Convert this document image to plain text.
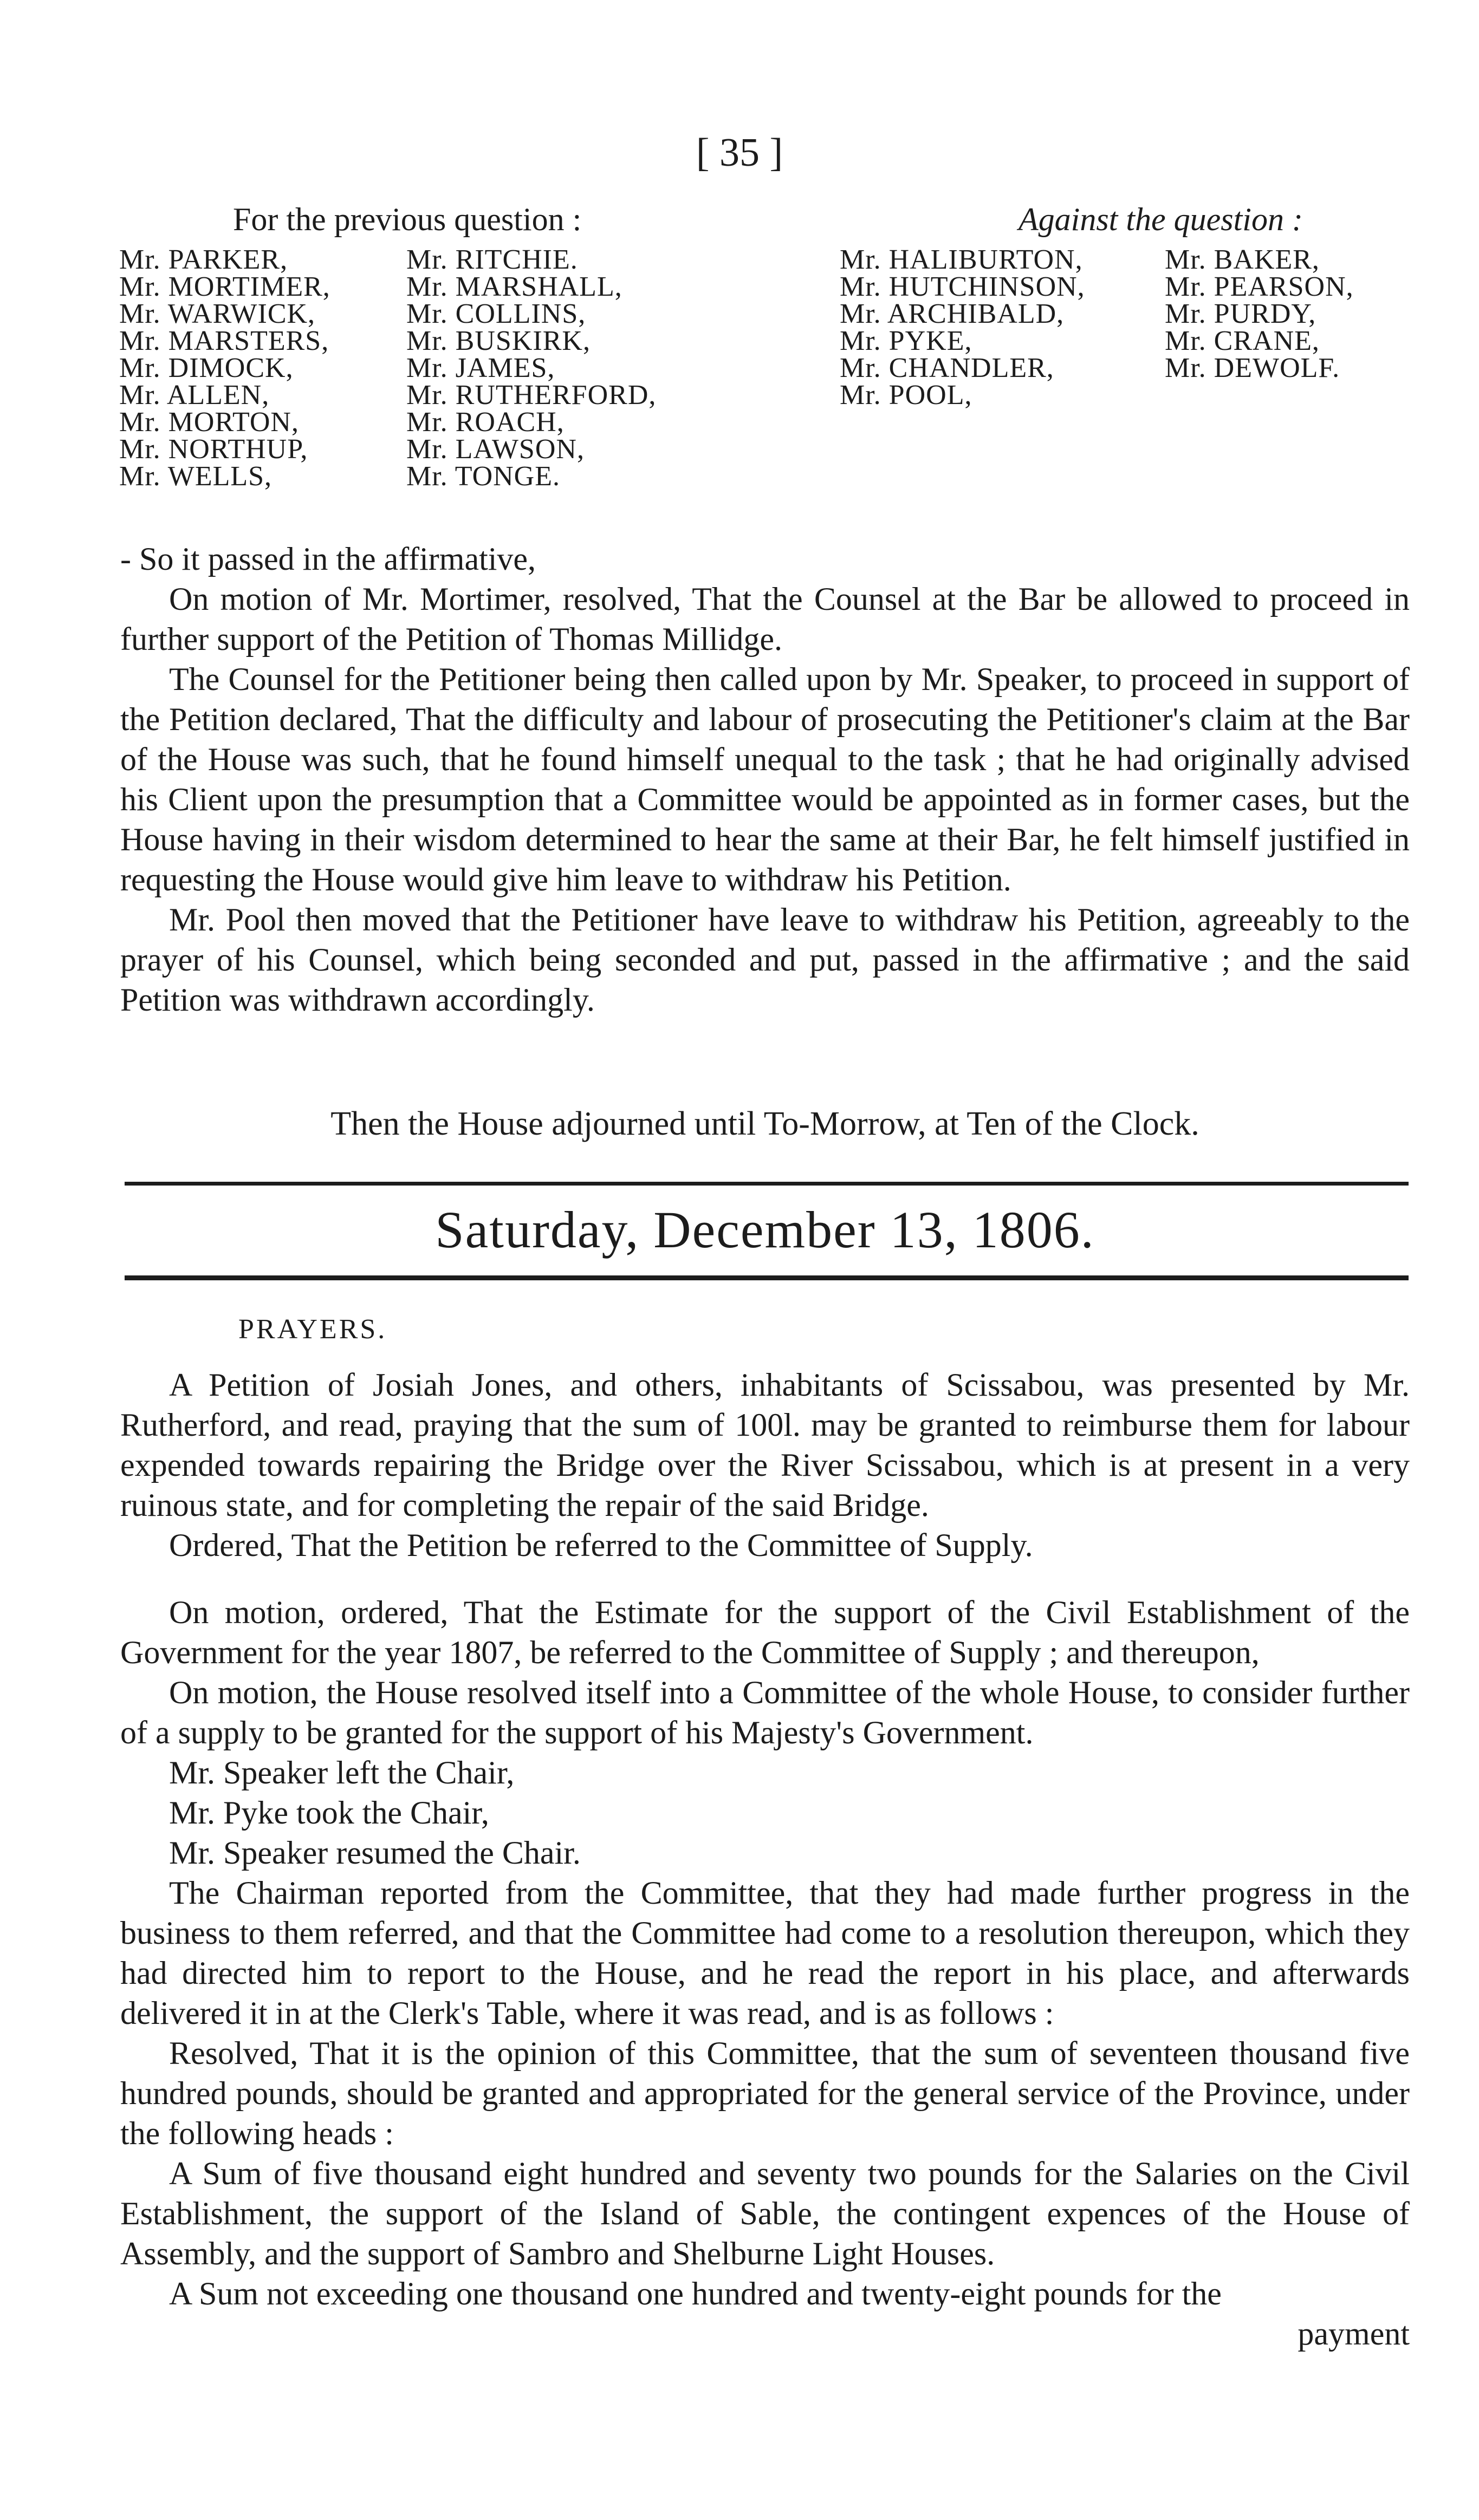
[ 35 ]
For the previous question :	Against the question :
Mr. PARKER,
Mr. MORTIMER,
Mr. WARWICK,
Mr. MARSTERS,
Mr. DIMOCK,
Mr. ALLEN,
Mr. MORTON,
Mr. NORTHUP,
Mr. WELLS,
Mr. RITCHIE.
Mr. MARSHALL,
Mr. COLLINS,
Mr. BUSKIRK,
Mr. JAMES,
Mr. RUTHERFORD,
Mr. ROACH,
Mr. LAWSON,
Mr. TONGE.
Mr. HALIBURTON,
Mr. HUTCHINSON,
Mr. ARCHIBALD,
Mr. PYKE,
Mr. CHANDLER,
Mr. POOL,
Mr. BAKER,
Mr. PEARSON,
Mr. PURDY,
Mr. CRANE,
Mr. DEWOLF.

- So it passed in the affirmative,

On motion of Mr. Mortimer, resolved, That the Counsel at the Bar be allowed to proceed in further support of the Petition of Thomas Millidge.

The Counsel for the Petitioner being then called upon by Mr. Speaker, to proceed in support of the Petition declared, That the difficulty and labour of prosecuting the Petitioner's claim at the Bar of the House was such, that he found himself unequal to the task ; that he had originally advised his Client upon the presumption that a Committee would be appointed as in former cases, but the House having in their wisdom determined to hear the same at their Bar, he felt himself justified in requesting the House would give him leave to withdraw his Petition.

Mr. Pool then moved that the Petitioner have leave to withdraw his Petition, agreeably to the prayer of his Counsel, which being seconded and put, passed in the affirmative ; and the said Petition was withdrawn accordingly.

Then the House adjourned until To-Morrow, at Ten of the Clock.
Saturday, December 13, 1806.
PRAYERS.

A Petition of Josiah Jones, and others, inhabitants of Scissabou, was presented by Mr. Rutherford, and read, praying that the sum of 100l. may be granted to reimburse them for labour expended towards repairing the Bridge over the River Scissabou, which is at present in a very ruinous state, and for completing the repair of the said Bridge.

Ordered, That the Petition be referred to the Committee of Supply.

On motion, ordered, That the Estimate for the support of the Civil Establishment of the Government for the year 1807, be referred to the Committee of Supply ; and thereupon,

On motion, the House resolved itself into a Committee of the whole House, to consider further of a supply to be granted for the support of his Majesty's Government.

Mr. Speaker left the Chair,

Mr. Pyke took the Chair,

Mr. Speaker resumed the Chair.

The Chairman reported from the Committee, that they had made further progress in the business to them referred, and that the Committee had come to a resolution thereupon, which they had directed him to report to the House, and he read the report in his place, and afterwards delivered it in at the Clerk's Table, where it was read, and is as follows :

Resolved, That it is the opinion of this Committee, that the sum of seventeen thousand five hundred pounds, should be granted and appropriated for the general service of the Province, under the following heads :

A Sum of five thousand eight hundred and seventy two pounds for the Salaries on the Civil Establishment, the support of the Island of Sable, the contingent expences of the House of Assembly, and the support of Sambro and Shelburne Light Houses.

A Sum not exceeding one thousand one hundred and twenty-eight pounds for the

payment
